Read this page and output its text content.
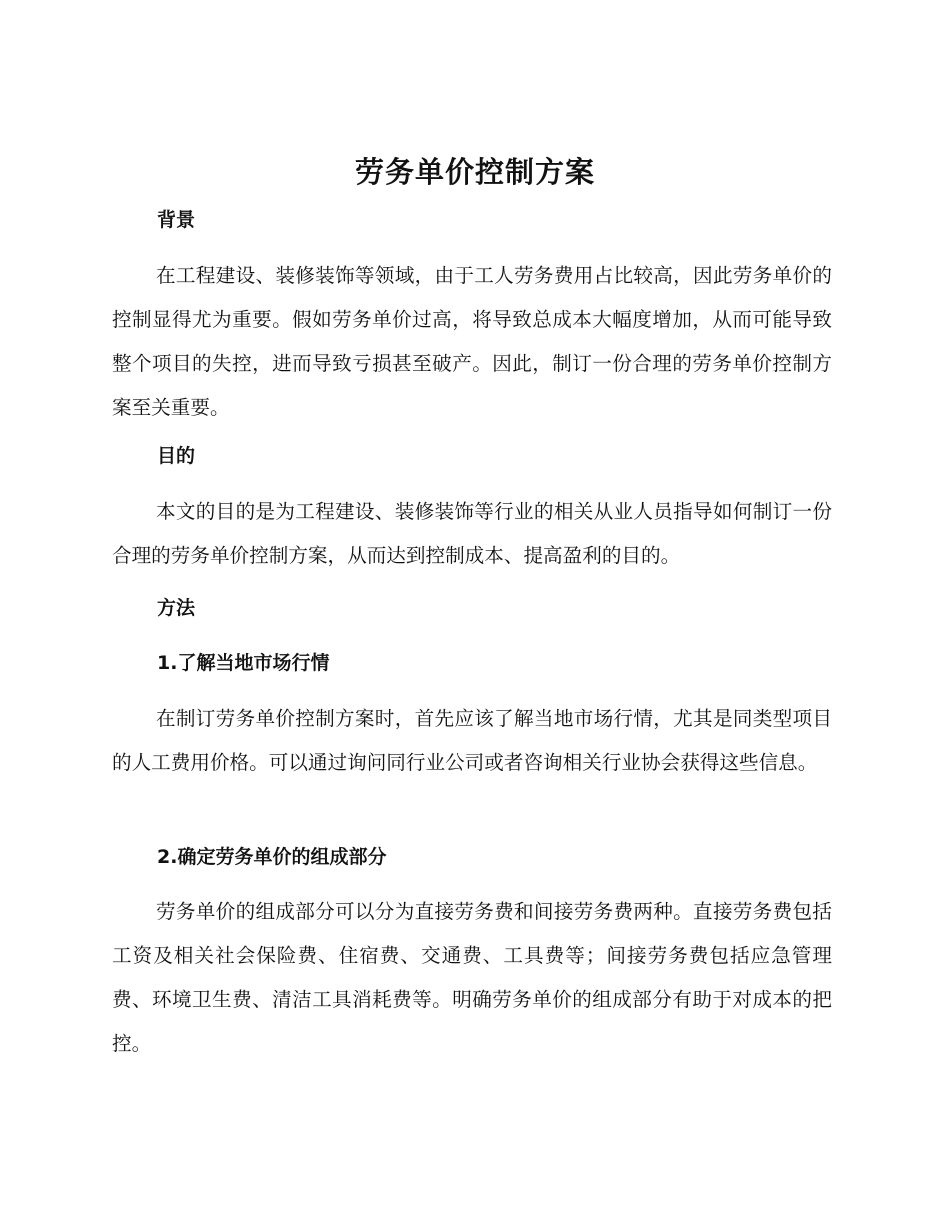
劳务单价控制方案
背景

在工程建设、装修装饰等领域，由于工人劳务费用占比较高，因此劳务单价的控制显得尤为重要。假如劳务单价过高，将导致总成本大幅度增加，从而可能导致整个项目的失控，进而导致亏损甚至破产。因此，制订一份合理的劳务单价控制方案至关重要。

目的

本文的目的是为工程建设、装修装饰等行业的相关从业人员指导如何制订一份合理的劳务单价控制方案，从而达到控制成本、提高盈利的目的。

方法
1.了解当地市场行情

在制订劳务单价控制方案时，首先应该了解当地市场行情，尤其是同类型项目的人工费用价格。可以通过询问同行业公司或者咨询相关行业协会获得这些信息。

2.确定劳务单价的组成部分

劳务单价的组成部分可以分为直接劳务费和间接劳务费两种。直接劳务费包括工资及相关社会保险费、住宿费、交通费、工具费等；间接劳务费包括应急管理费、环境卫生费、清洁工具消耗费等。明确劳务单价的组成部分有助于对成本的把控。
